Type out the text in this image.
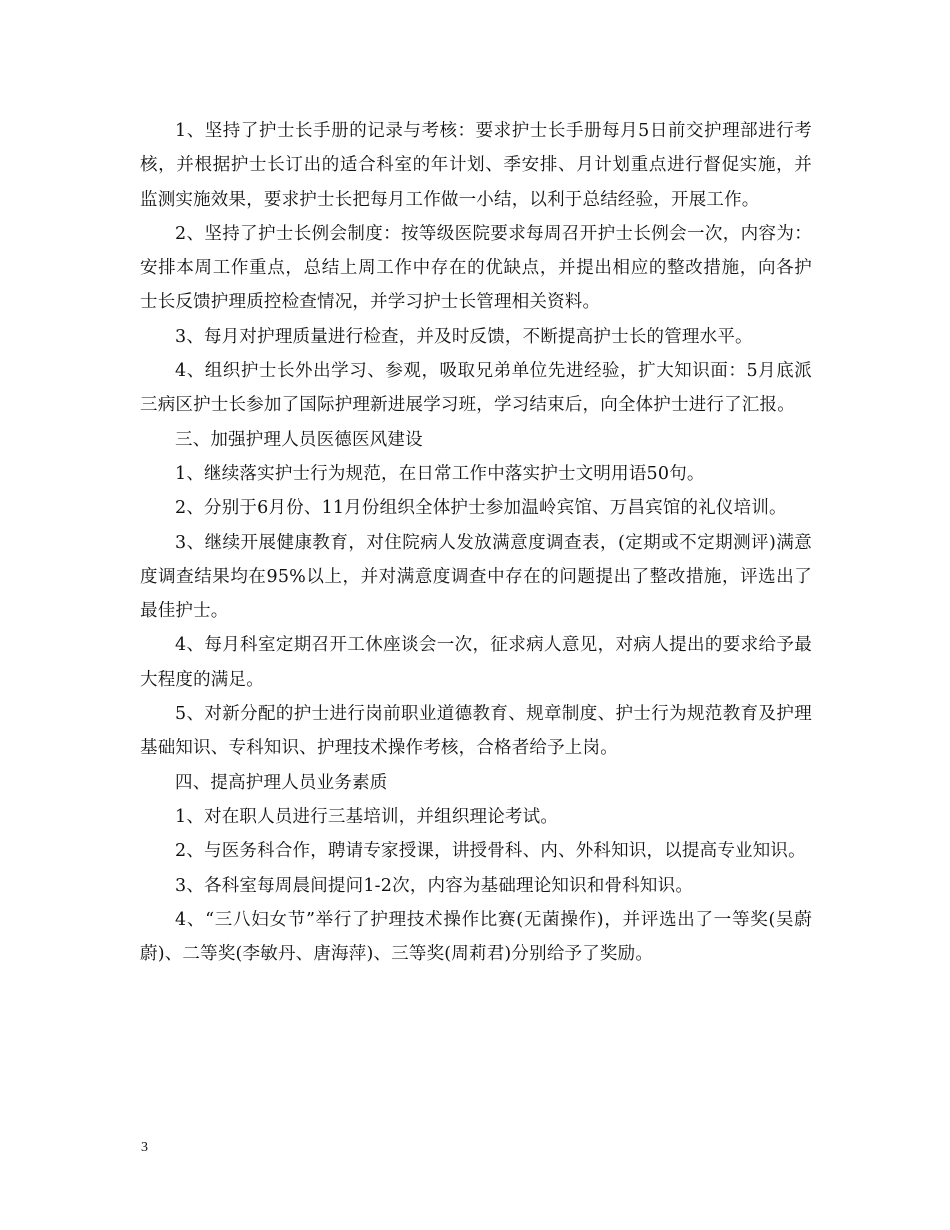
1、坚持了护士长手册的记录与考核：要求护士长手册每月5日前交护理部进行考核，并根据护士长订出的适合科室的年计划、季安排、月计划重点进行督促实施，并监测实施效果，要求护士长把每月工作做一小结，以利于总结经验，开展工作。

2、坚持了护士长例会制度：按等级医院要求每周召开护士长例会一次，内容为：安排本周工作重点，总结上周工作中存在的优缺点，并提出相应的整改措施，向各护士长反馈护理质控检查情况，并学习护士长管理相关资料。

3、每月对护理质量进行检查，并及时反馈，不断提高护士长的管理水平。

4、组织护士长外出学习、参观，吸取兄弟单位先进经验，扩大知识面：5月底派三病区护士长参加了国际护理新进展学习班，学习结束后，向全体护士进行了汇报。

三、加强护理人员医德医风建设

1、继续落实护士行为规范，在日常工作中落实护士文明用语50句。

2、分别于6月份、11月份组织全体护士参加温岭宾馆、万昌宾馆的礼仪培训。

3、继续开展健康教育，对住院病人发放满意度调查表，(定期或不定期测评)满意度调查结果均在95%以上，并对满意度调查中存在的问题提出了整改措施，评选出了最佳护士。

4、每月科室定期召开工休座谈会一次，征求病人意见，对病人提出的要求给予最大程度的满足。

5、对新分配的护士进行岗前职业道德教育、规章制度、护士行为规范教育及护理基础知识、专科知识、护理技术操作考核，合格者给予上岗。

四、提高护理人员业务素质

1、对在职人员进行三基培训，并组织理论考试。

2、与医务科合作，聘请专家授课，讲授骨科、内、外科知识，以提高专业知识。

3、各科室每周晨间提问1-2次，内容为基础理论知识和骨科知识。

4、“三八妇女节”举行了护理技术操作比赛(无菌操作)，并评选出了一等奖(吴蔚蔚)、二等奖(李敏丹、唐海萍)、三等奖(周莉君)分别给予了奖励。

3
